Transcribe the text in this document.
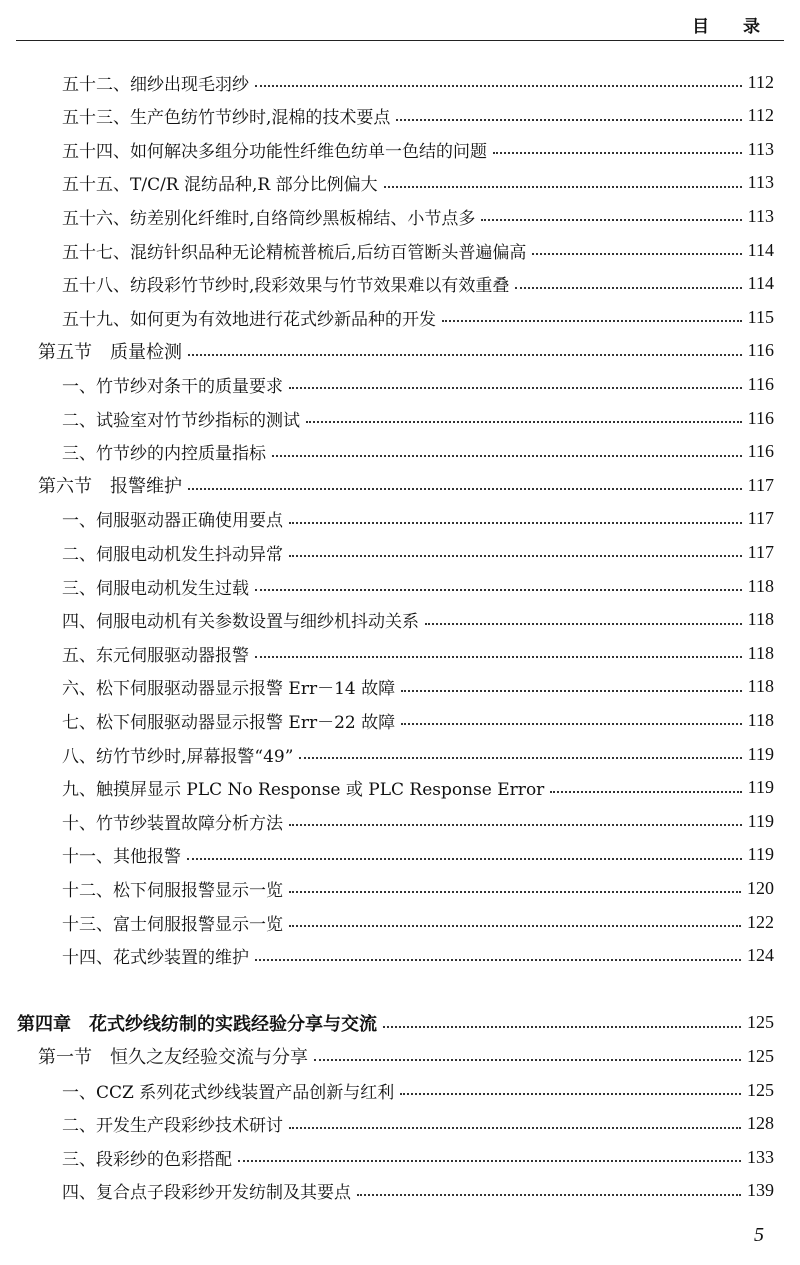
目 录
五十二、细纱出现毛羽纱	112
五十三、生产色纺竹节纱时,混棉的技术要点	112
五十四、如何解决多组分功能性纤维色纺单一色结的问题	113
五十五、T/C/R 混纺品种,R 部分比例偏大	113
五十六、纺差别化纤维时,自络筒纱黑板棉结、小节点多	113
五十七、混纺针织品种无论精梳普梳后,后纺百管断头普遍偏高	114
五十八、纺段彩竹节纱时,段彩效果与竹节效果难以有效重叠	114
五十九、如何更为有效地进行花式纱新品种的开发	115
第五节　质量检测	116
一、竹节纱对条干的质量要求	116
二、试验室对竹节纱指标的测试	116
三、竹节纱的内控质量指标	116
第六节　报警维护	117
一、伺服驱动器正确使用要点	117
二、伺服电动机发生抖动异常	117
三、伺服电动机发生过载	118
四、伺服电动机有关参数设置与细纱机抖动关系	118
五、东元伺服驱动器报警	118
六、松下伺服驱动器显示报警 Err－14 故障	118
七、松下伺服驱动器显示报警 Err－22 故障	118
八、纺竹节纱时,屏幕报警“49”	119
九、触摸屏显示 PLC No Response 或 PLC Response Error	119
十、竹节纱装置故障分析方法	119
十一、其他报警	119
十二、松下伺服报警显示一览	120
十三、富士伺服报警显示一览	122
十四、花式纱装置的维护	124
第四章　花式纱线纺制的实践经验分享与交流	125
第一节　恒久之友经验交流与分享	125
一、CCZ 系列花式纱线装置产品创新与红利	125
二、开发生产段彩纱技术研讨	128
三、段彩纱的色彩搭配	133
四、复合点子段彩纱开发纺制及其要点	139
5
